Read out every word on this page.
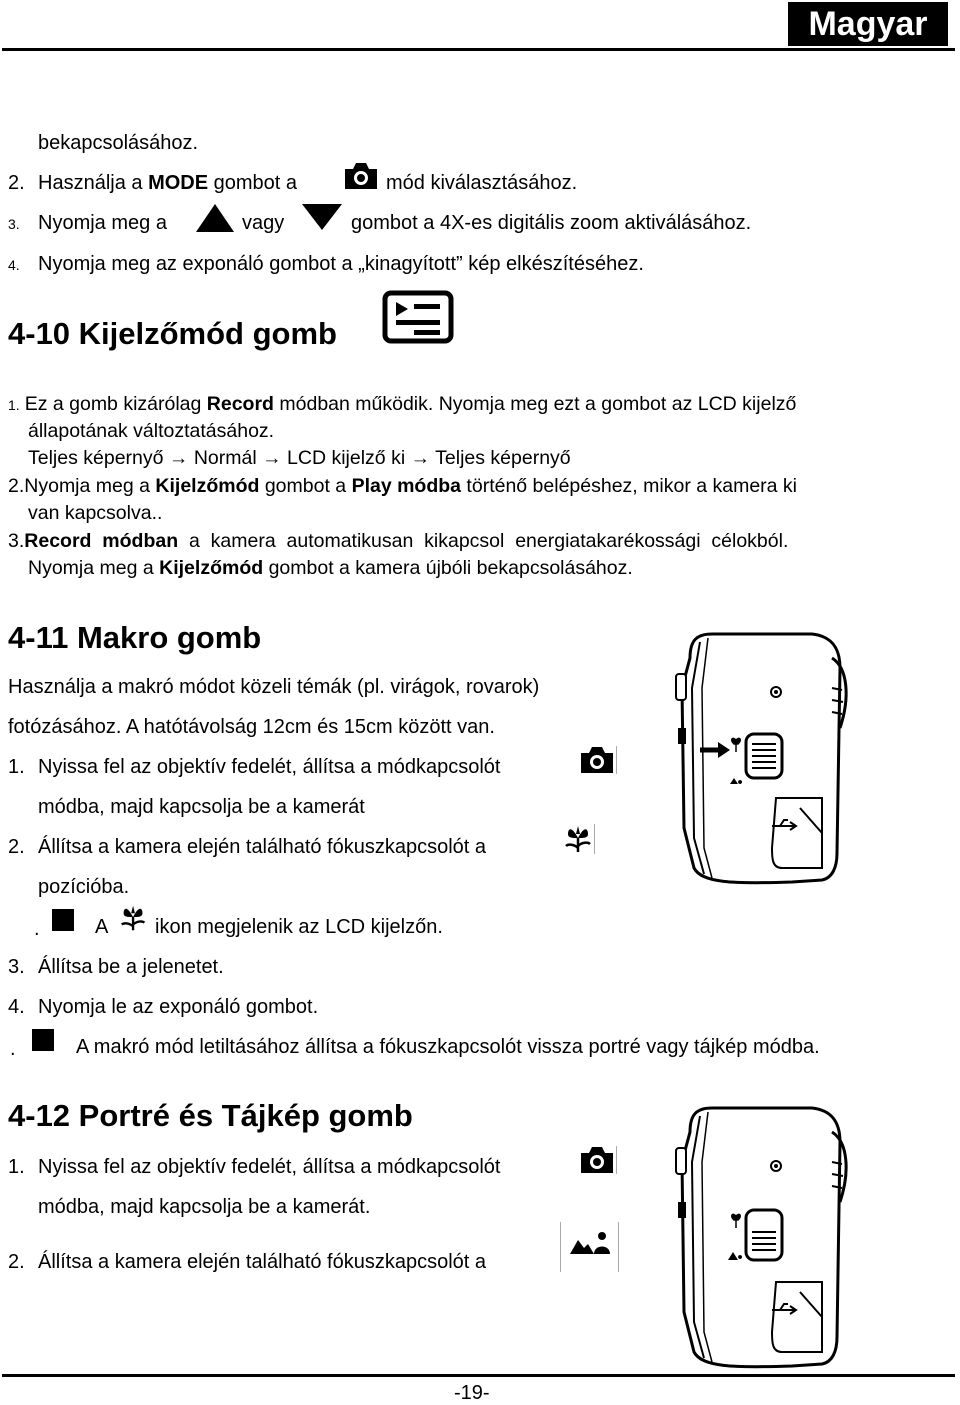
Magyar
bekapcsolásához.
2. Használja a MODE gombot a	mód kiválasztásához.
3. Nyomja meg a	vagy	gombot a 4X-es digitális zoom aktiválásához.
4. Nyomja meg az exponáló gombot a „kinagyított” kép elkészítéséhez.
4-10 Kijelzőmód gomb
1. Ez a gomb kizárólag Record módban működik. Nyomja meg ezt a gombot az LCD kijelző
állapotának változtatásához.
Teljes képernyő → Normál → LCD kijelző ki → Teljes képernyő
2.Nyomja meg a Kijelzőmód gombot a Play módba történő belépéshez, mikor a kamera ki
van kapcsolva..
3.Record  módban  a  kamera  automatikusan  kikapcsol  energiatakarékossági  célokból.
Nyomja meg a Kijelzőmód gombot a kamera újbóli bekapcsolásához.
4-11 Makro gomb
Használja a makró módot közeli témák (pl. virágok, rovarok)
fotózásához. A hatótávolság 12cm és 15cm között van.
1. Nyissa fel az objektív fedelét, állítsa a módkapcsolót
módba, majd kapcsolja be a kamerát
2. Állítsa a kamera elején található fókuszkapcsolót a
pozícióba.
.	A ikon megjelenik az LCD kijelzőn.
3. Állítsa be a jelenetet.
4. Nyomja le az exponáló gombot.
.	A makró mód letiltásához állítsa a fókuszkapcsolót vissza portré vagy tájkép módba.
4-12 Portré és Tájkép gomb
1. Nyissa fel az objektív fedelét, állítsa a módkapcsolót
módba, majd kapcsolja be a kamerát.
2. Állítsa a kamera elején található fókuszkapcsolót a
-19-
